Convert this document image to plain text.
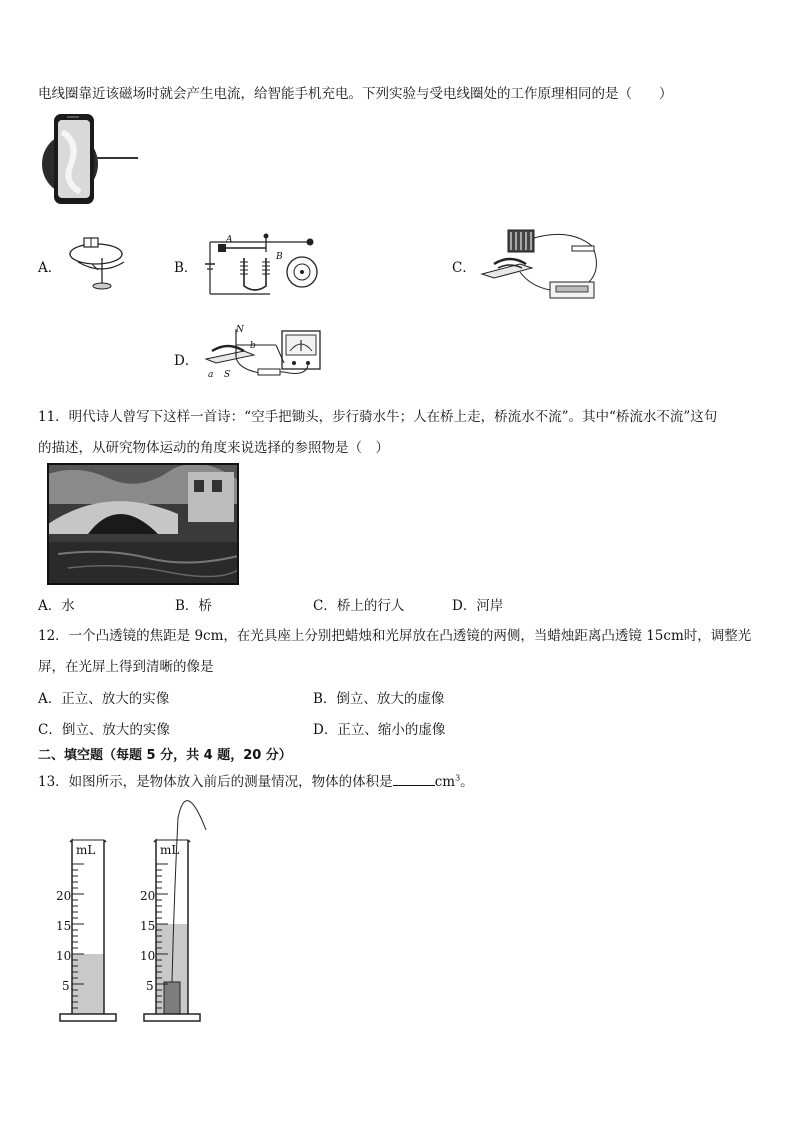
电线圈靠近该磁场时就会产生电流，给智能手机充电。下列实验与受电线圈处的工作原理相同的是（　　）
A．	B．
A
B
C．
D．
N
b
a S
11．明代诗人曾写下这样一首诗：“空手把锄头，步行骑水牛；人在桥上走，桥流水不流”。其中“桥流水不流”这句
的描述，从研究物体运动的角度来说选择的参照物是（　）
A．水	B．桥	C．桥上的行人	D．河岸
12．一个凸透镜的焦距是 9cm，在光具座上分别把蜡烛和光屏放在凸透镜的两侧，当蜡烛距离凸透镜 15cm时，调整光
屏，在光屏上得到清晰的像是
A．正立、放大的实像	B．倒立、放大的虚像
C．倒立、放大的实像	D．正立、缩小的虚像
二、填空题（每题 5 分，共 4 题，20 分）
13．如图所示，是物体放入前后的测量情况，物体的体积是	$cm^3$。
mL
20
15
10
5
mL
20
15
10
5
